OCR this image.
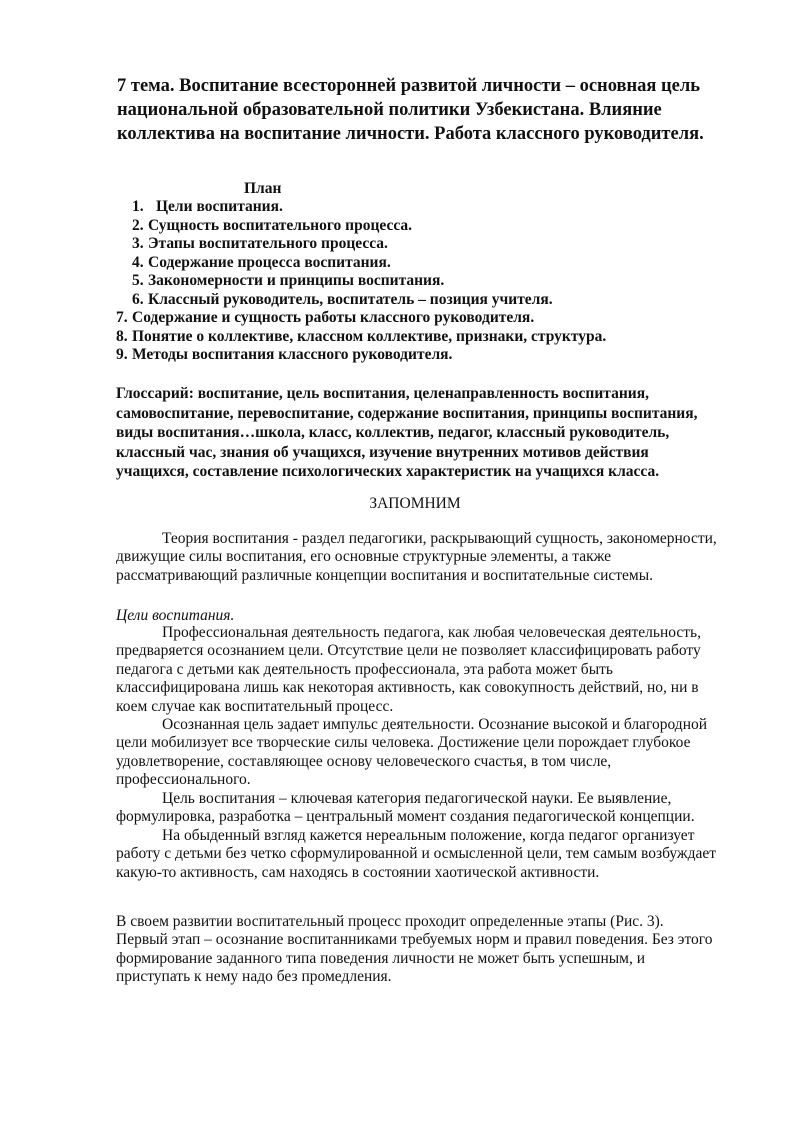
7 тема. Воспитание всесторонней развитой личности – основная цель
национальной образовательной политики Узбекистана. Влияние
коллектива на воспитание личности. Работа классного руководителя.
План
1. Цели воспитания.
2. Сущность воспитательного процесса.
3. Этапы воспитательного процесса.
4. Содержание процесса воспитания.
5. Закономерности и принципы воспитания.
6. Классный руководитель, воспитатель – позиция учителя.
7. Содержание и сущность работы классного руководителя.
8. Понятие о коллективе, классном коллективе, признаки, структура.
9. Методы воспитания классного руководителя.

Глоссарий: воспитание, цель воспитания, целенаправленность воспитания,
самовоспитание, перевоспитание, содержание воспитания, принципы воспитания,
виды воспитания…школа, класс, коллектив, педагог, классный руководитель,
классный час, знания об учащихся, изучение внутренних мотивов действия
учащихся, составление психологических характеристик на учащихся класса.

ЗАПОМНИМ

Теория воспитания - раздел педагогики, раскрывающий сущность, закономерности,
движущие силы воспитания, его основные структурные элементы, а также
рассматривающий различные концепции воспитания и воспитательные системы.

Цели воспитания.

Профессиональная деятельность педагога, как любая человеческая деятельность,
предваряется осознанием цели. Отсутствие цели не позволяет классифицировать работу
педагога с детьми как деятельность профессионала, эта работа может быть
классифицирована лишь как некоторая активность, как совокупность действий, но, ни в
коем случае как воспитательный процесс.

Осознанная цель задает импульс деятельности. Осознание высокой и благородной
цели мобилизует все творческие силы человека. Достижение цели порождает глубокое
удовлетворение, составляющее основу человеческого счастья, в том числе,
профессионального.

Цель воспитания – ключевая категория педагогической науки. Ее выявление,
формулировка, разработка – центральный момент создания педагогической концепции.

На обыденный взгляд кажется нереальным положение, когда педагог организует
работу с детьми без четко сформулированной и осмысленной цели, тем самым возбуждает
какую-то активность, сам находясь в состоянии хаотической активности.

В своем развитии воспитательный процесс проходит определенные этапы (Рис. 3).
Первый этап – осознание воспитанниками требуемых норм и правил поведения. Без этого
формирование заданного типа поведения личности не может быть успешным, и
приступать к нему надо без промедления.
